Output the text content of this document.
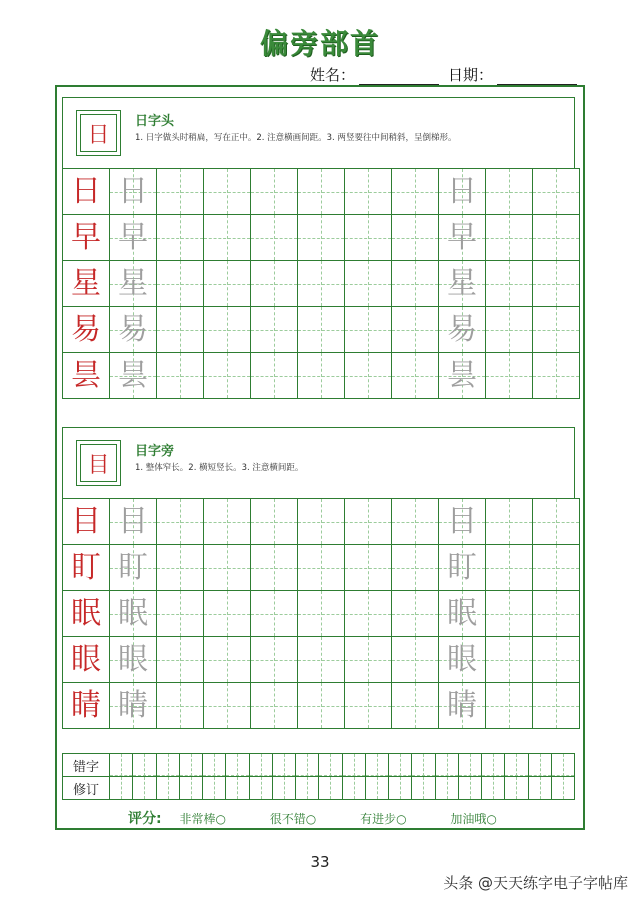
偏旁部首
姓名：	日期：
日
日字头
1. 日字做头时稍扁，写在正中。2. 注意横画间距。3. 两竖要往中间稍斜，呈倒梯形。
日	日							日		
早	早							早		
星	星							星		
易	易							易		
昙	昙							昙		
目
目字旁
1. 整体窄长。2. 横短竖长。3. 注意横间距。
目	目							目		
盯	盯							盯		
眠	眠							眠		
眼	眼							眼		
睛	睛							睛		
错字																				
修订																				
评分: 非常棒○	很不错○	有进步○	加油哦○
33
头条 @天天练字电子字帖库
